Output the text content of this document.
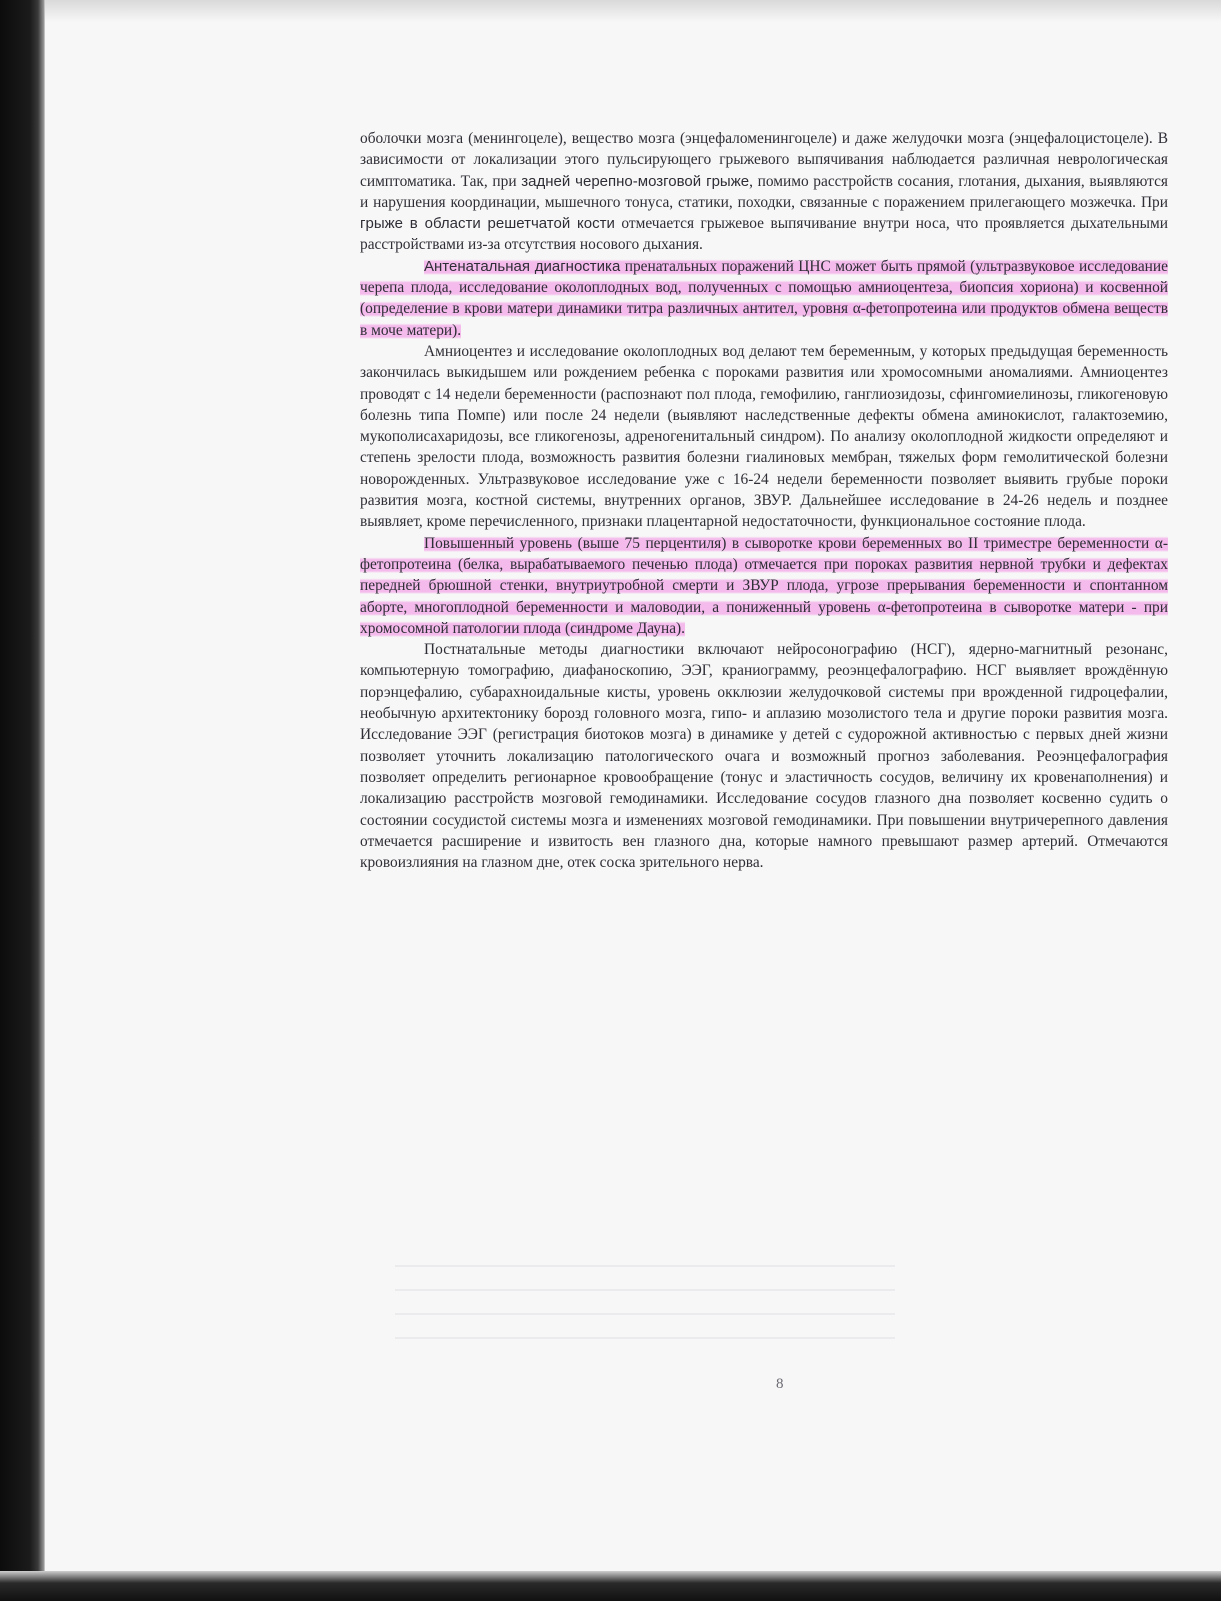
оболочки мозга (менингоцеле), вещество мозга (энцефаломенингоцеле) и даже желудочки мозга (энцефалоцистоцеле). В зависимости от локализации этого пульсирующего грыжевого выпячивания наблюдается различная неврологическая симптоматика. Так, при задней черепно-мозговой грыже, помимо расстройств сосания, глотания, дыхания, выявляются и нарушения координации, мышечного тонуса, статики, походки, связанные с поражением прилегающего мозжечка. При грыже в области решетчатой кости отмечается грыжевое выпячивание внутри носа, что проявляется дыхательными расстройствами из-за отсутствия носового дыхания.

Антенатальная диагностика пренатальных поражений ЦНС может быть прямой (ультразвуковое исследование черепа плода, исследование околоплодных вод, полученных с помощью амниоцентеза, биопсия хориона) и косвенной (определение в крови матери динамики титра различных антител, уровня α-фетопротеина или продуктов обмена веществ в моче матери).

Амниоцентез и исследование околоплодных вод делают тем беременным, у которых предыдущая беременность закончилась выкидышем или рождением ребенка с пороками развития или хромосомными аномалиями. Амниоцентез проводят с 14 недели беременности (распознают пол плода, гемофилию, ганглиозидозы, сфингомиелинозы, гликогеновую болезнь типа Помпе) или после 24 недели (выявляют наследственные дефекты обмена аминокислот, галактоземию, мукополисахаридозы, все гликогенозы, адреногенитальный синдром). По анализу околоплодной жидкости определяют и степень зрелости плода, возможность развития болезни гиалиновых мембран, тяжелых форм гемолитической болезни новорожденных. Ультразвуковое исследование уже с 16-24 недели беременности позволяет выявить грубые пороки развития мозга, костной системы, внутренних органов, ЗВУР. Дальнейшее исследование в 24-26 недель и позднее выявляет, кроме перечисленного, признаки плацентарной недостаточности, функциональное состояние плода.

Повышенный уровень (выше 75 перцентиля) в сыворотке крови беременных во II триместре беременности α-фетопротеина (белка, вырабатываемого печенью плода) отмечается при пороках развития нервной трубки и дефектах передней брюшной стенки, внутриутробной смерти и ЗВУР плода, угрозе прерывания беременности и спонтанном аборте, многоплодной беременности и маловодии, а пониженный уровень α-фетопротеина в сыворотке матери - при хромосомной патологии плода (синдроме Дауна).

Постнатальные методы диагностики включают нейросонографию (НСГ), ядерно-магнитный резонанс, компьютерную томографию, диафаноскопию, ЭЭГ, краниограмму, реоэнцефалографию. НСГ выявляет врождённую порэнцефалию, субарахноидальные кисты, уровень окклюзии желудочковой системы при врожденной гидроцефалии, необычную архитектонику борозд головного мозга, гипо- и аплазию мозолистого тела и другие пороки развития мозга. Исследование ЭЭГ (регистрация биотоков мозга) в динамике у детей с судорожной активностью с первых дней жизни позволяет уточнить локализацию патологического очага и возможный прогноз заболевания. Реоэнцефалография позволяет определить регионарное кровообращение (тонус и эластичность сосудов, величину их кровенаполнения) и локализацию расстройств мозговой гемодинамики. Исследование сосудов глазного дна позволяет косвенно судить о состоянии сосудистой системы мозга и изменениях мозговой гемодинамики. При повышении внутричерепного давления отмечается расширение и извитость вен глазного дна, которые намного превышают размер артерий. Отмечаются кровоизлияния на глазном дне, отек соска зрительного нерва.

8
